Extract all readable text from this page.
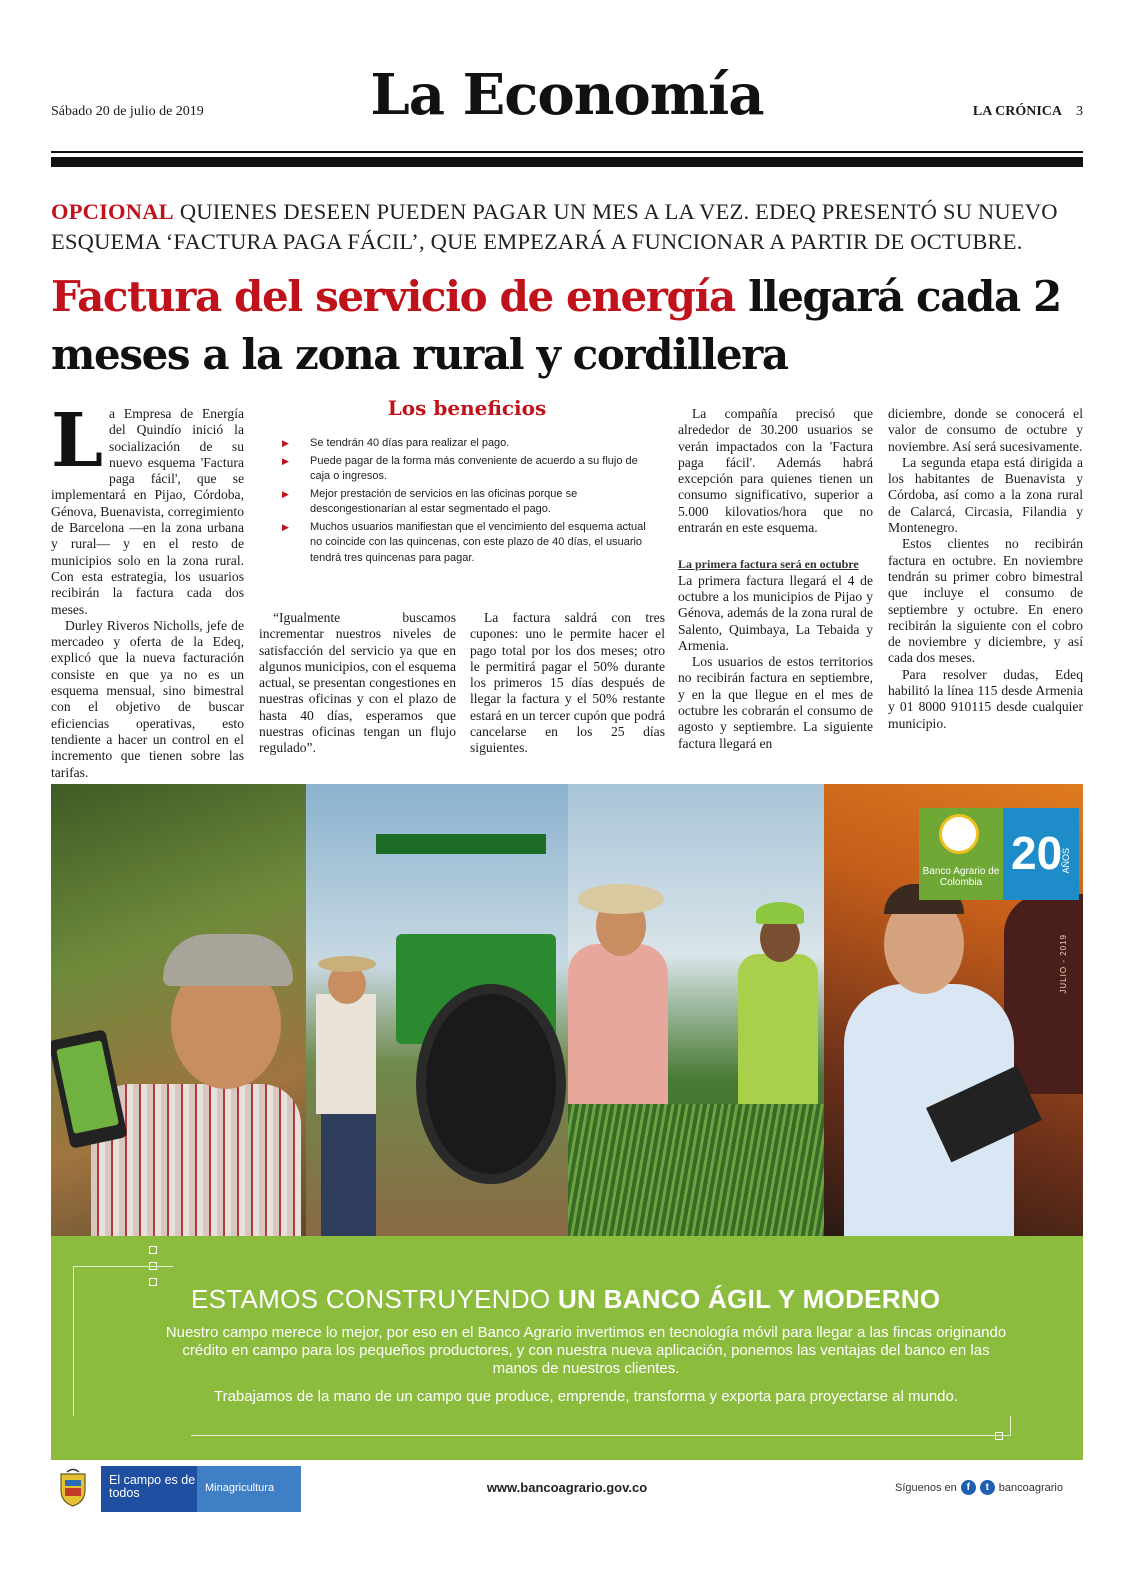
Sábado 20 de julio de 2019	La Economía	LA CRÓNICA 3
OPCIONAL QUIENES DESEEN PUEDEN PAGAR UN MES A LA VEZ. EDEQ PRESENTÓ SU NUEVO ESQUEMA ‘FACTURA PAGA FÁCIL’, QUE EMPEZARÁ A FUNCIONAR A PARTIR DE OCTUBRE.
Factura del servicio de energía llegará cada 2 meses a la zona rural y cordillera

La Empresa de Energía del Quindío inició la socialización de su nuevo esquema 'Factura paga fácil', que se implementará en Pijao, Córdoba, Génova, Buenavista, corregimiento de Barcelona —en la zona urbana y rural— y en el resto de municipios solo en la zona rural. Con esta estrategia, los usuarios recibirán la factura cada dos meses.

Durley Riveros Nicholls, jefe de mercadeo y oferta de la Edeq, explicó que la nueva facturación consiste en que ya no es un esquema mensual, sino bimestral con el objetivo de buscar eficiencias operativas, esto tendiente a hacer un control en el incremento que tienen sobre las tarifas.

Los beneficios
▶ Se tendrán 40 días para realizar el pago.
▶ Puede pagar de la forma más conveniente de acuerdo a su flujo de caja o ingresos.
▶ Mejor prestación de servicios en las oficinas porque se descongestionarían al estar segmentado el pago.
▶ Muchos usuarios manifiestan que el vencimiento del esquema actual no coincide con las quincenas, con este plazo de 40 días, el usuario tendrá tres quincenas para pagar.

“Igualmente buscamos incrementar nuestros niveles de satisfacción del servicio ya que en algunos municipios, con el esquema actual, se presentan congestiones en nuestras oficinas y con el plazo de hasta 40 días, esperamos que nuestras oficinas tengan un flujo regulado”.

La factura saldrá con tres cupones: uno le permite hacer el pago total por los dos meses; otro le permitirá pagar el 50% durante los primeros 15 días después de llegar la factura y el 50% restante estará en un tercer cupón que podrá cancelarse en los 25 días siguientes.

La compañía precisó que alrededor de 30.200 usuarios se verán impactados con la 'Factura paga fácil'. Además habrá excepción para quienes tienen un consumo significativo, superior a 5.000 kilovatios/hora que no entrarán en este esquema.

La primera factura será en octubre

La primera factura llegará el 4 de octubre a los municipios de Pijao y Génova, además de la zona rural de Salento, Quimbaya, La Tebaida y Armenia.

Los usuarios de estos territorios no recibirán factura en septiembre, y en la que llegue en el mes de octubre les cobrarán el consumo de agosto y septiembre. La siguiente factura llegará en

diciembre, donde se conocerá el valor de consumo de octubre y noviembre. Así será sucesivamente.

La segunda etapa está dirigida a los habitantes de Buenavista y Córdoba, así como a la zona rural de Calarcá, Circasia, Filandia y Montenegro.

Estos clientes no recibirán factura en octubre. En noviembre tendrán su primer cobro bimestral que incluye el consumo de septiembre y octubre. En enero recibirán la siguiente con el cobro de noviembre y diciembre, y así cada dos meses.

Para resolver dudas, Edeq habilitó la línea 115 desde Armenia y 01 8000 910115 desde cualquier municipio.

Banco Agrario de Colombia
20
AÑOS
JULIO - 2019
ESTAMOS CONSTRUYENDO UN BANCO ÁGIL Y MODERNO
Nuestro campo merece lo mejor, por eso en el Banco Agrario invertimos en tecnología móvil para llegar a las fincas originando crédito en campo para los pequeños productores, y con nuestra nueva aplicación, ponemos las ventajas del banco en las manos de nuestros clientes.
Trabajamos de la mano de un campo que produce, emprende, transforma y exporta para proyectarse al mundo.
El campo es de todos	Minagricultura	www.bancoagrario.gov.co	Síguenos en f	t bancoagrario
